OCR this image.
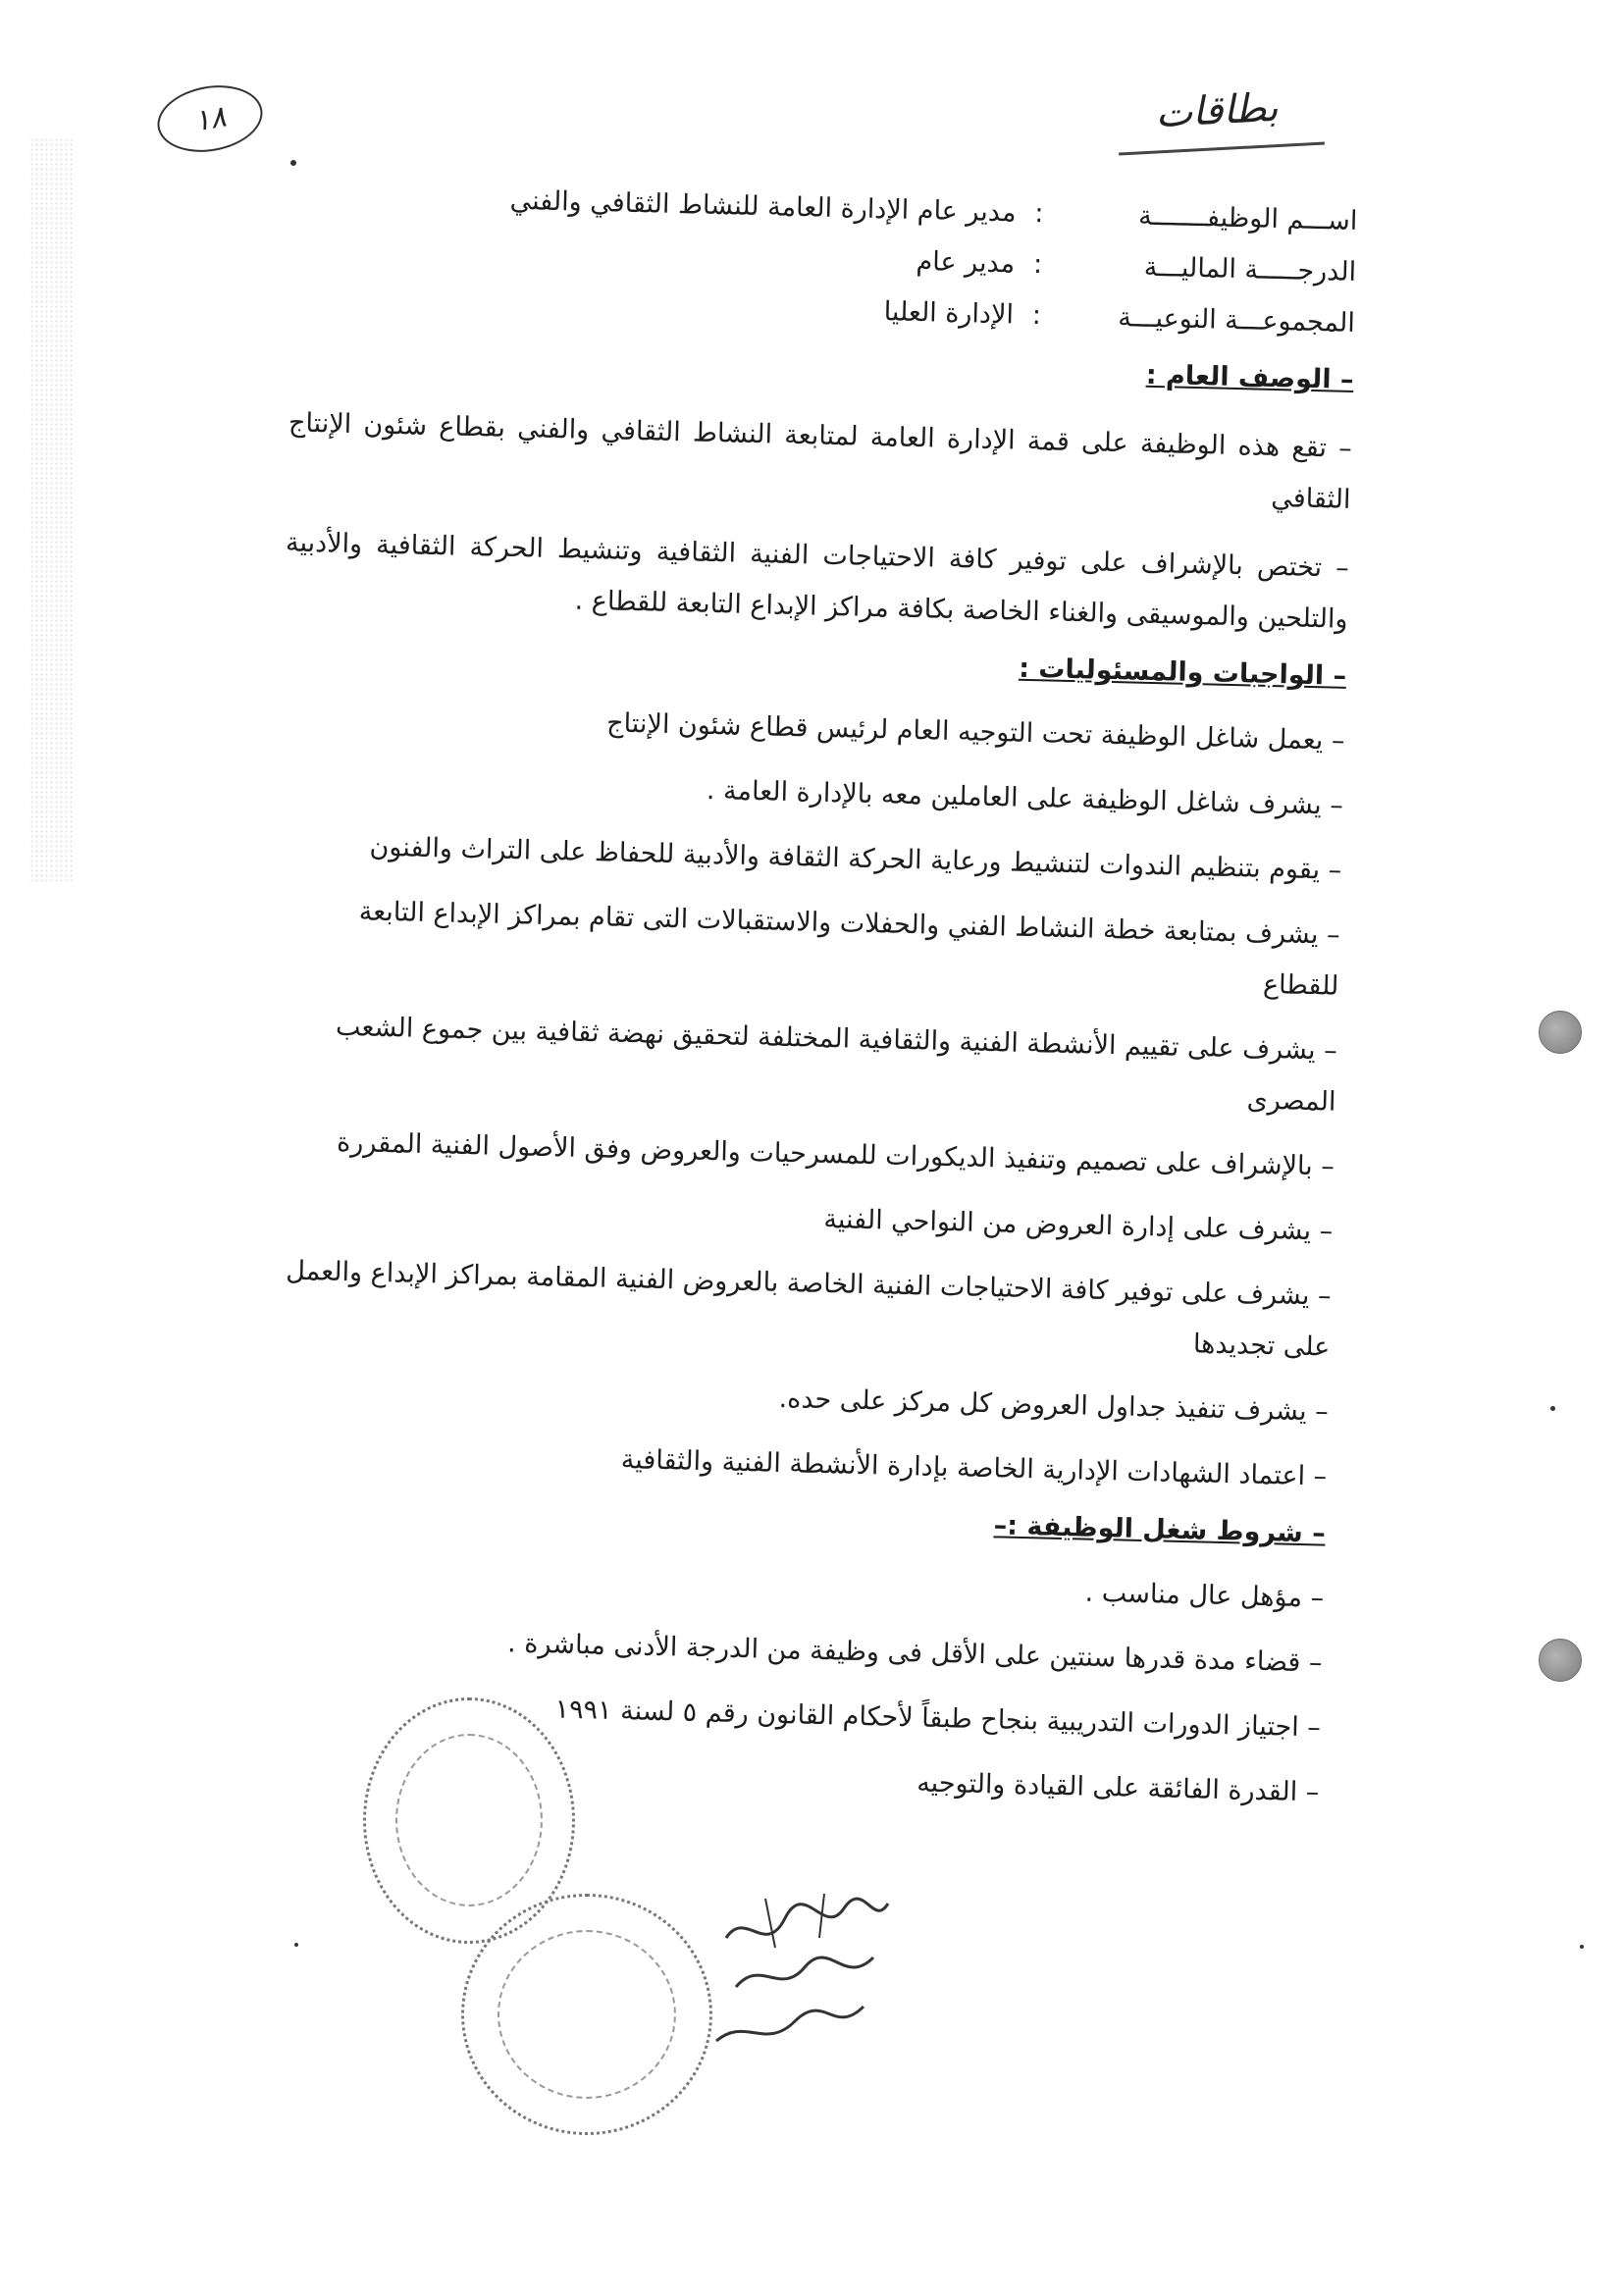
١٨	بطاقات
اســـم الوظيفـــــــة
:
مدير عام الإدارة العامة للنشاط الثقافي والفني
الدرجـــــة الماليـــة
:
مدير عام
المجموعـــة النوعيـــة
:
الإدارة العليا
– الوصف العام :
– تقع هذه الوظيفة على قمة الإدارة العامة لمتابعة النشاط الثقافي والفني بقطاع شئون الإنتاج الثقافي
– تختص بالإشراف على توفير كافة الاحتياجات الفنية الثقافية وتنشيط الحركة الثقافية والأدبية والتلحين والموسيقى والغناء الخاصة بكافة مراكز الإبداع التابعة للقطاع .
– الواجبات والمسئوليات :
– يعمل شاغل الوظيفة تحت التوجيه العام لرئيس قطاع شئون الإنتاج
– يشرف شاغل الوظيفة على العاملين معه بالإدارة العامة .
– يقوم بتنظيم الندوات لتنشيط ورعاية الحركة الثقافة والأدبية للحفاظ على التراث والفنون
– يشرف بمتابعة خطة النشاط الفني والحفلات والاستقبالات التى تقام بمراكز الإبداع التابعة للقطاع
– يشرف على تقييم الأنشطة الفنية والثقافية المختلفة لتحقيق نهضة ثقافية بين جموع الشعب المصرى
– بالإشراف على تصميم وتنفيذ الديكورات للمسرحيات والعروض وفق الأصول الفنية المقررة
– يشرف على إدارة العروض من النواحي الفنية
– يشرف على توفير كافة الاحتياجات الفنية الخاصة بالعروض الفنية المقامة بمراكز الإبداع والعمل على تجديدها
– يشرف تنفيذ جداول العروض كل مركز على حده.
– اعتماد الشهادات الإدارية الخاصة بإدارة الأنشطة الفنية والثقافية
– شروط شغل الوظيفة :–
– مؤهل عال مناسب .
– قضاء مدة قدرها سنتين على الأقل فى وظيفة من الدرجة الأدنى مباشرة .
– اجتياز الدورات التدريبية بنجاح طبقاً لأحكام القانون رقم ٥ لسنة ١٩٩١
– القدرة الفائقة على القيادة والتوجيه
